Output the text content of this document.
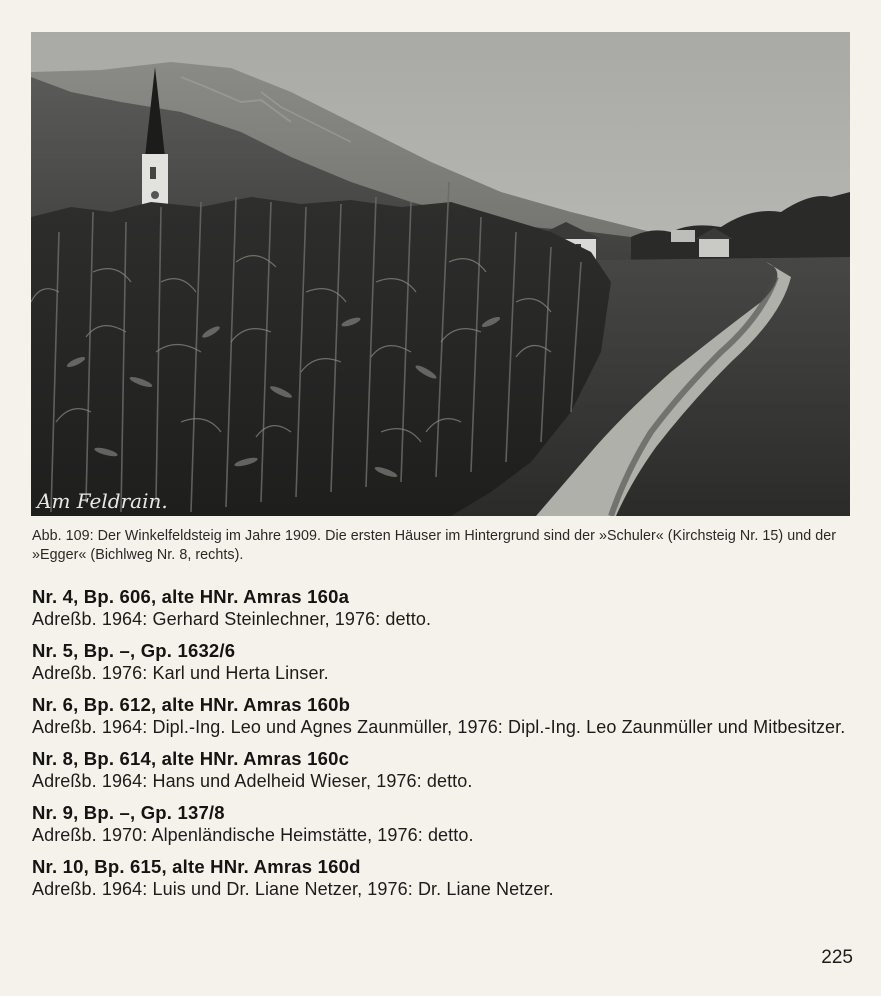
Am Feldrain.
Abb. 109: Der Winkelfeldsteig im Jahre 1909. Die ersten Häuser im Hintergrund sind der »Schuler« (Kirchsteig Nr. 15) und der »Egger« (Bichlweg Nr. 8, rechts).
Nr. 4, Bp. 606, alte HNr. Amras 160a
Adreßb. 1964: Gerhard Steinlechner, 1976: detto.
Nr. 5, Bp. –, Gp. 1632/6
Adreßb. 1976: Karl und Herta Linser.
Nr. 6, Bp. 612, alte HNr. Amras 160b
Adreßb. 1964: Dipl.-Ing. Leo und Agnes Zaunmüller, 1976: Dipl.-Ing. Leo Zaunmüller und Mitbesitzer.
Nr. 8, Bp. 614, alte HNr. Amras 160c
Adreßb. 1964: Hans und Adelheid Wieser, 1976: detto.
Nr. 9, Bp. –, Gp. 137/8
Adreßb. 1970: Alpenländische Heimstätte, 1976: detto.
Nr. 10, Bp. 615, alte HNr. Amras 160d
Adreßb. 1964: Luis und Dr. Liane Netzer, 1976: Dr. Liane Netzer.
225
